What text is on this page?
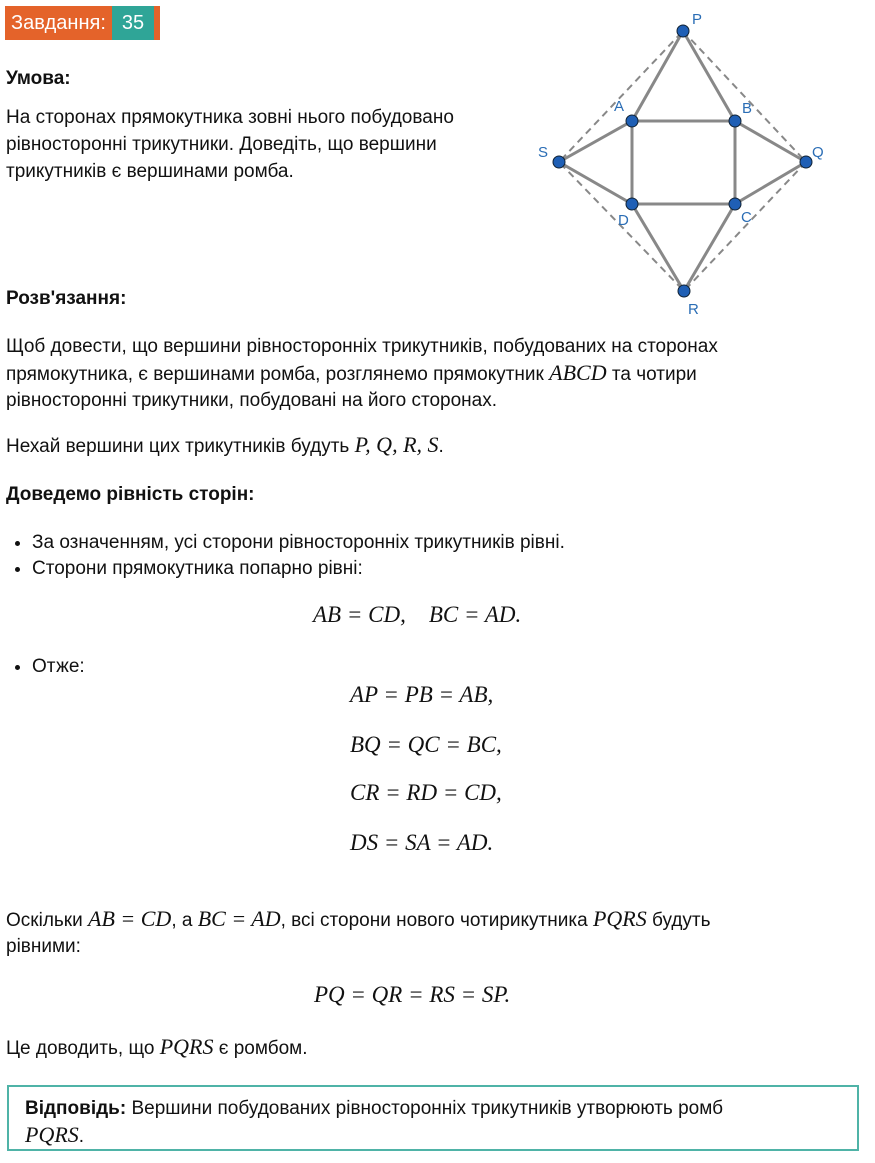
Завдання: 35
Умова:
На сторонах прямокутника зовні нього побудовано
рівносторонні трикутники. Доведіть, що вершини
трикутників є вершинами ромба.
P
A	B
S	Q
D	C
R
Розв'язання:
Щоб довести, що вершини рівносторонніх трикутників, побудованих на сторонах
прямокутника, є вершинами ромба, розглянемо прямокутник ABCD та чотири
рівносторонні трикутники, побудовані на його сторонах.
Нехай вершини цих трикутників будуть P, Q, R, S.
Доведемо рівність сторін:
• За означенням, усі сторони рівносторонніх трикутників рівні.
• Сторони прямокутника попарно рівні:
AB = CD,    BC = AD.
• Отже:
AP = PB = AB,
BQ = QC = BC,
CR = RD = CD,
DS = SA = AD.
Оскільки AB = CD, а BC = AD, всі сторони нового чотирикутника PQRS будуть
рівними:
PQ = QR = RS = SP.
Це доводить, що PQRS є ромбом.
Відповідь: Вершини побудованих рівносторонніх трикутників утворюють ромб
PQRS.
